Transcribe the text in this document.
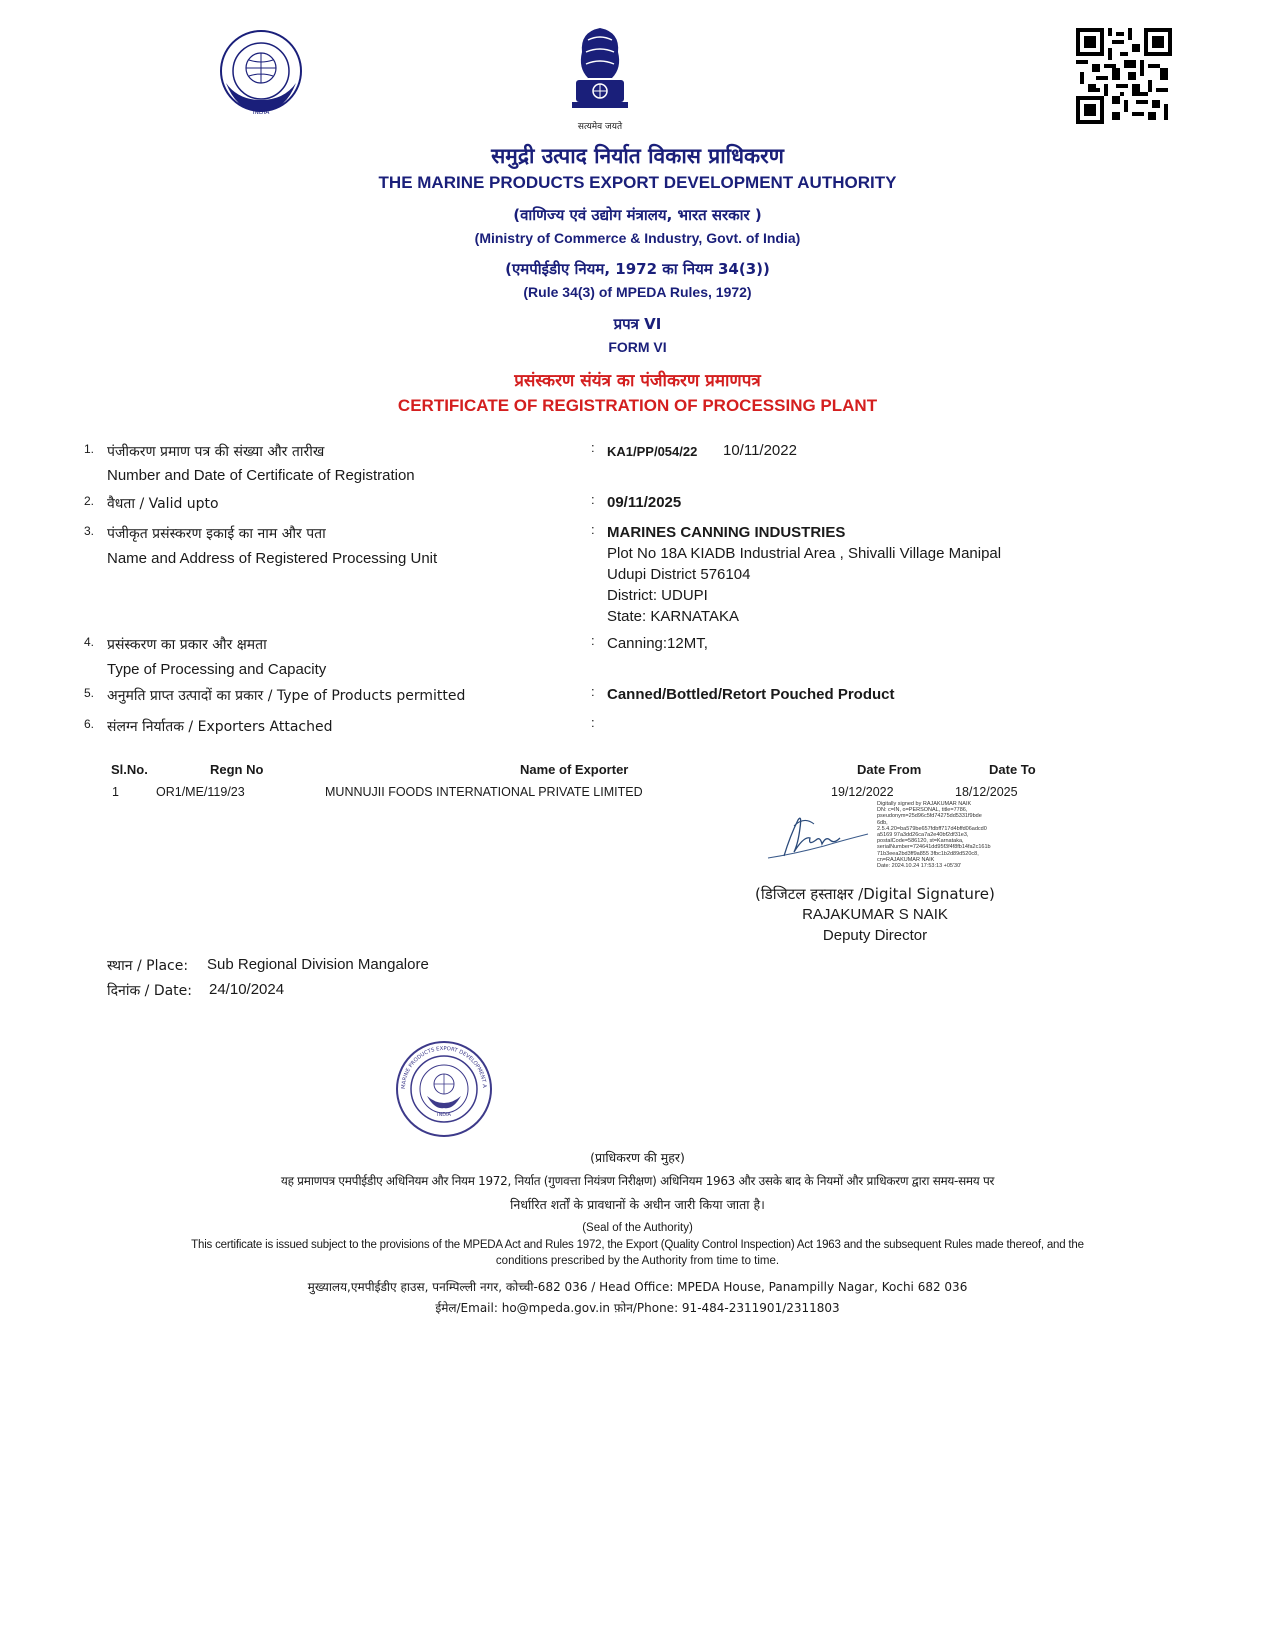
INDIA
सत्यमेव जयते
समुद्री उत्पाद निर्यात विकास प्राधिकरण
THE MARINE PRODUCTS EXPORT DEVELOPMENT AUTHORITY
(वाणिज्य एवं उद्योग मंत्रालय, भारत सरकार )
(Ministry of Commerce & Industry, Govt. of India)
(एमपीईडीए नियम, 1972 का नियम 34(3))
(Rule 34(3) of MPEDA Rules, 1972)
प्रपत्र VI
FORM VI
प्रसंस्करण संयंत्र का पंजीकरण प्रमाणपत्र
CERTIFICATE OF REGISTRATION OF PROCESSING PLANT
1. पंजीकरण प्रमाण पत्र की संख्या और तारीख
Number and Date of Certificate of Registration
: KA1/PP/054/22 10/11/2022
2. वैधता / Valid upto	: 09/11/2025
3. पंजीकृत प्रसंस्करण इकाई का नाम और पता
Name and Address of Registered Processing Unit
: MARINES CANNING INDUSTRIES
Plot No 18A KIADB Industrial Area , Shivalli Village Manipal
Udupi District 576104
District: UDUPI
State: KARNATAKA
4. प्रसंस्करण का प्रकार और क्षमता
Type of Processing and Capacity
: Canning:12MT,
5. अनुमति प्राप्त उत्पादों का प्रकार / Type of Products permitted	: Canned/Bottled/Retort Pouched Product
6. संलग्न निर्यातक / Exporters Attached	:
Sl.No.	Regn No	Name of Exporter	Date From	Date To
1	OR1/ME/119/23	MUNNUJII FOODS INTERNATIONAL PRIVATE LIMITED	19/12/2022	18/12/2025
Digitally signed by RAJAKUMAR NAIK
DN: c=IN, o=PERSONAL, title=7786,
pseudonym=25d96c5fd74275dd5331f9bde
6db,
2.5.4.20=ba579be657fdbff717d4bffd06adcd0
a5169 97a3dd26ca7a2e40bf2df31e3,
postalCode=586120, st=Karnataka,
serialNumber=724641dd95f3f4f8fb14fa2c161b
71b3eea2bd3ff9a855 3fbc1b2d89d520c8,
cn=RAJAKUMAR NAIK
Date: 2024.10.24 17:53:13 +05'30'
(डिजिटल हस्ताक्षर /Digital Signature)
RAJAKUMAR S NAIK
Deputy Director
स्थान / Place: Sub Regional Division Mangalore
दिनांक / Date: 24/10/2024
INDIA
MARINE PRODUCTS EXPORT DEVELOPMENT A
(प्राधिकरण की मुहर)
यह प्रमाणपत्र एमपीईडीए अधिनियम और नियम 1972, निर्यात (गुणवत्ता नियंत्रण निरीक्षण) अधिनियम 1963 और उसके बाद के नियमों और प्राधिकरण द्वारा समय-समय पर
निर्धारित शर्तों के प्रावधानों के अधीन जारी किया जाता है।
(Seal of the Authority)
This certificate is issued subject to the provisions of the MPEDA Act and Rules 1972, the Export (Quality Control Inspection) Act 1963 and the subsequent Rules made thereof, and the
conditions prescribed by the Authority from time to time.
मुख्यालय,एमपीईडीए हाउस, पनम्पिल्ली नगर, कोच्ची-682 036 / Head Office: MPEDA House, Panampilly Nagar, Kochi 682 036
ईमेल/Email: ho@mpeda.gov.in फ़ोन/Phone: 91-484-2311901/2311803
